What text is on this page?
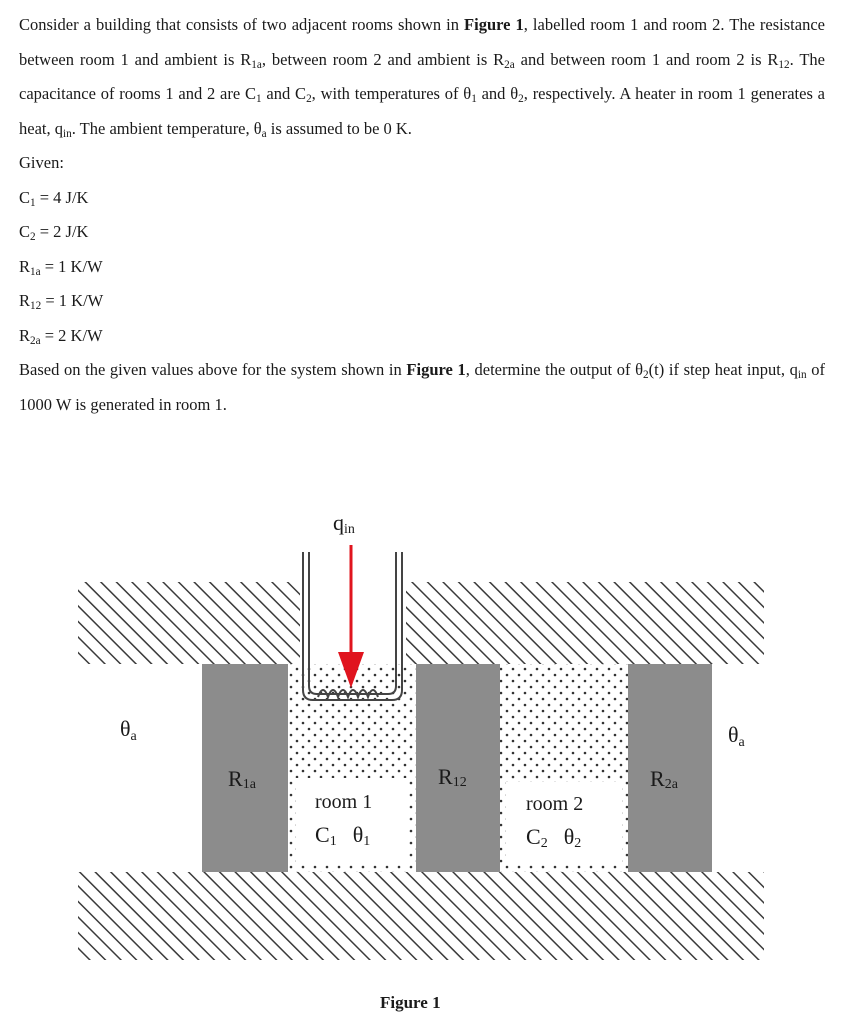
Consider a building that consists of two adjacent rooms shown in Figure 1, labelled room 1 and room 2. The resistance between room 1 and ambient is $R_{1a}$, between room 2 and ambient is $R_{2a}$ and between room 1 and room 2 is $R_{12}$. The capacitance of rooms 1 and 2 are $C_1$ and $C_2$, with temperatures of $\theta_1$ and $\theta_2$, respectively. A heater in room 1 generates a heat, $q_{in}$. The ambient temperature, $\theta_a$ is assumed to be 0 K.

Given:

$C_1 = 4$ J/K

$C_2 = 2$ J/K

$R_{1a} = 1$ K/W

$R_{12} = 1$ K/W

$R_{2a} = 2$ K/W

Based on the given values above for the system shown in Figure 1, determine the output of $\theta_2(t)$ if step heat input, $q_{in}$ of 1000 W is generated in room 1.

qin
θa	θa
R1a	R12	R2a
room 1
C1 θ1
room 2
C2 θ2
Figure 1
